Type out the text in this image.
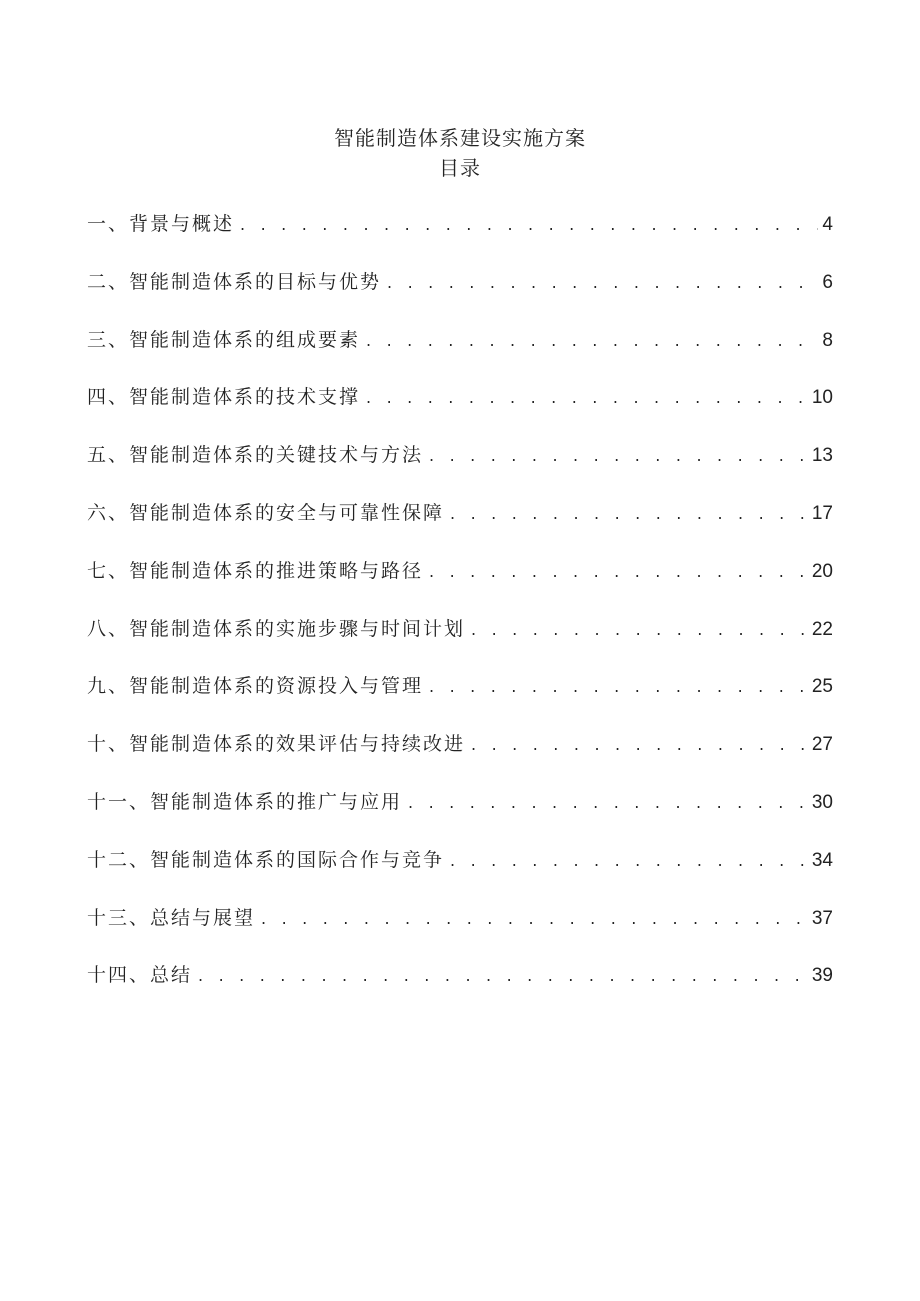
智能制造体系建设实施方案
目录
一、背景与概述 . . .	4
二、智能制造体系的目标与优势 . . .	6
三、智能制造体系的组成要素 . . .	8
四、智能制造体系的技术支撑 . . .	10
五、智能制造体系的关键技术与方法 . . .	13
六、智能制造体系的安全与可靠性保障 . . .	17
七、智能制造体系的推进策略与路径 . . .	20
八、智能制造体系的实施步骤与时间计划 . . .	22
九、智能制造体系的资源投入与管理 . . .	25
十、智能制造体系的效果评估与持续改进 . . .	27
十一、智能制造体系的推广与应用 . . .	30
十二、智能制造体系的国际合作与竞争 . . .	34
十三、总结与展望 . . .	37
十四、总结 . . .	39
